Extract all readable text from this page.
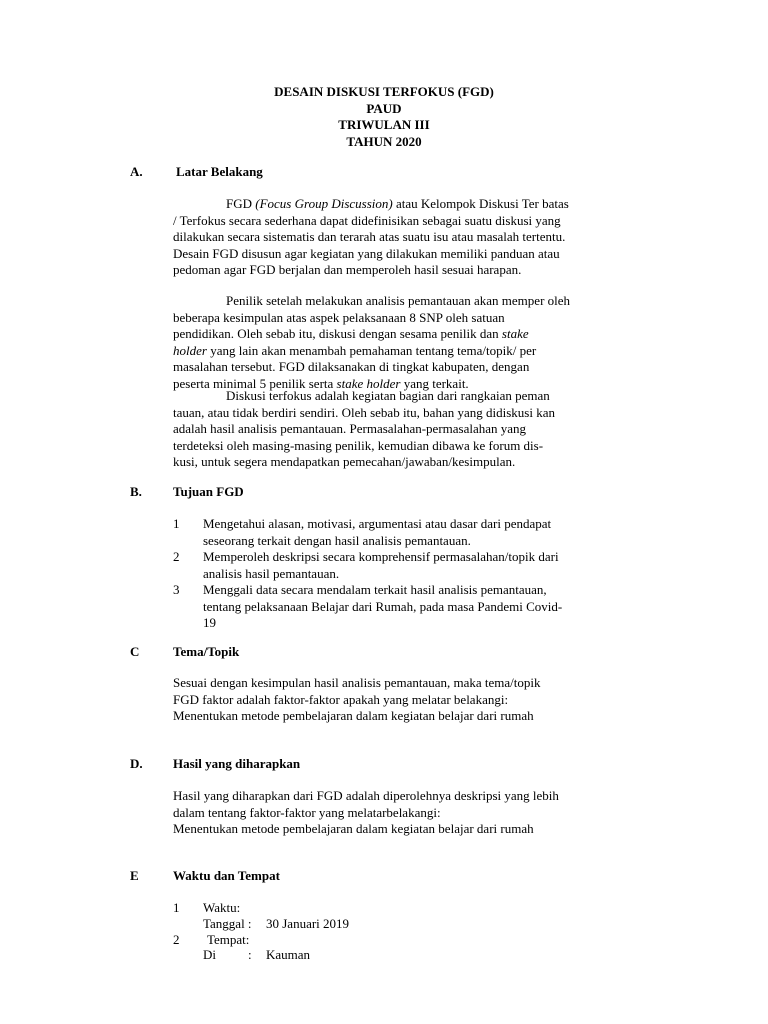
DESAIN DISKUSI TERFOKUS (FGD)
PAUD
TRIWULAN III
TAHUN 2020
A.	Latar Belakang
FGD (Focus Group Discussion) atau Kelompok Diskusi Ter batas
/ Terfokus secara sederhana dapat didefinisikan sebagai suatu diskusi yang
dilakukan secara sistematis dan terarah atas suatu isu atau masalah tertentu.
Desain FGD disusun agar kegiatan yang dilakukan memiliki panduan atau
pedoman agar FGD berjalan dan memperoleh hasil sesuai harapan.
Penilik setelah melakukan analisis pemantauan akan memper oleh
beberapa kesimpulan atas aspek pelaksanaan 8 SNP oleh satuan
pendidikan. Oleh sebab itu, diskusi dengan sesama penilik dan stake
holder yang lain akan menambah pemahaman tentang tema/topik/ per
masalahan tersebut. FGD dilaksanakan di tingkat kabupaten, dengan
peserta minimal 5 penilik serta stake holder yang terkait.
Diskusi terfokus adalah kegiatan bagian dari rangkaian peman
tauan, atau tidak berdiri sendiri. Oleh sebab itu, bahan yang didiskusi kan
adalah hasil analisis pemantauan. Permasalahan-permasalahan yang
terdeteksi oleh masing-masing penilik, kemudian dibawa ke forum dis-
kusi, untuk segera mendapatkan pemecahan/jawaban/kesimpulan.
B. Tujuan FGD
1 Mengetahui alasan, motivasi, argumentasi atau dasar dari pendapat
seseorang terkait dengan hasil analisis pemantauan.
2 Memperoleh deskripsi secara komprehensif permasalahan/topik dari
analisis hasil pemantauan.
3 Menggali data secara mendalam terkait hasil analisis pemantauan,
tentang pelaksanaan Belajar dari Rumah, pada masa Pandemi Covid-
19
C	Tema/Topik
Sesuai dengan kesimpulan hasil analisis pemantauan, maka tema/topik
FGD faktor adalah faktor-faktor apakah yang melatar belakangi:
Menentukan metode pembelajaran dalam kegiatan belajar dari rumah
D. Hasil yang diharapkan
Hasil yang diharapkan dari FGD adalah diperolehnya deskripsi yang lebih
dalam tentang faktor-faktor yang melatarbelakangi:
Menentukan metode pembelajaran dalam kegiatan belajar dari rumah
E	Waktu dan Tempat
1 Waktu:
Tanggal : 30 Januari 2019
2 Tempat:
Di : Kauman
